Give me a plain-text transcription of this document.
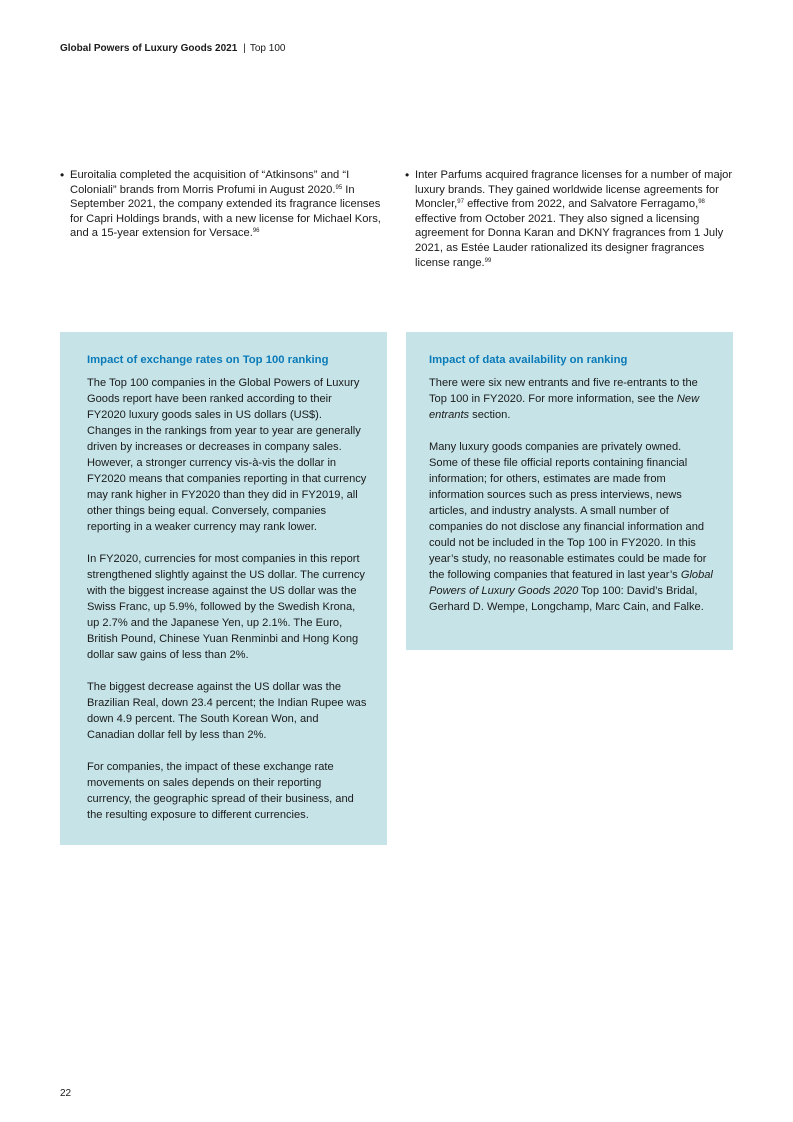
Global Powers of Luxury Goods 2021 | Top 100
• Euroitalia completed the acquisition of “Atkinsons” and “I Coloniali” brands from Morris Profumi in August 2020.95 In September 2021, the company extended its fragrance licenses for Capri Holdings brands, with a new license for Michael Kors, and a 15-year extension for Versace.$^{96}$
• Inter Parfums acquired fragrance licenses for a number of major luxury brands. They gained worldwide license agreements for Moncler,$^{97}$ effective from 2022, and Salvatore Ferragamo,$^{98}$ effective from October 2021. They also signed a licensing agreement for Donna Karan and DKNY fragrances from 1 July 2021, as Estée Lauder rationalized its designer fragrances license range.$^{99}$
Impact of exchange rates on Top 100 ranking

The Top 100 companies in the Global Powers of Luxury Goods report have been ranked according to their FY2020 luxury goods sales in US dollars (US$). Changes in the rankings from year to year are generally driven by increases or decreases in company sales. However, a stronger currency vis-à-vis the dollar in FY2020 means that companies reporting in that currency may rank higher in FY2020 than they did in FY2019, all other things being equal. Conversely, companies reporting in a weaker currency may rank lower.

In FY2020, currencies for most companies in this report strengthened slightly against the US dollar. The currency with the biggest increase against the US dollar was the Swiss Franc, up 5.9%, followed by the Swedish Krona, up 2.7% and the Japanese Yen, up 2.1%. The Euro, British Pound, Chinese Yuan Renminbi and Hong Kong dollar saw gains of less than 2%.

The biggest decrease against the US dollar was the Brazilian Real, down 23.4 percent; the Indian Rupee was down 4.9 percent. The South Korean Won, and Canadian dollar fell by less than 2%.

For companies, the impact of these exchange rate movements on sales depends on their reporting currency, the geographic spread of their business, and the resulting exposure to different currencies.

Impact of data availability on ranking

There were six new entrants and five re-entrants to the Top 100 in FY2020. For more information, see the New entrants section.

Many luxury goods companies are privately owned. Some of these file official reports containing financial information; for others, estimates are made from information sources such as press interviews, news articles, and industry analysts. A small number of companies do not disclose any financial information and could not be included in the Top 100 in FY2020. In this year’s study, no reasonable estimates could be made for the following companies that featured in last year’s Global Powers of Luxury Goods 2020 Top 100: David’s Bridal, Gerhard D. Wempe, Longchamp, Marc Cain, and Falke.

22
